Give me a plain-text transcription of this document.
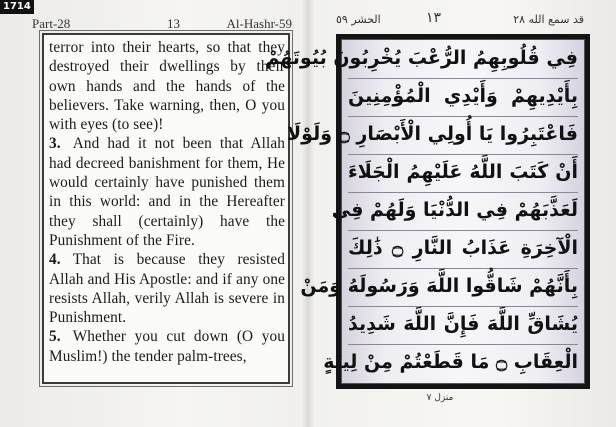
1714
Part-28	13	Al-Hashr-59

terror into their hearts, so that they destroyed their dwellings by their own hands and the hands of the believers. Take warning, then, O you with eyes (to see)!

3. And had it not been that Allah had decreed banishment for them, He would certainly have punished them in this world: and in the Hereafter they shall (certainly) have the Punishment of the Fire.

4. That is because they resisted Allah and His Apostle: and if any one resists Allah, verily Allah is severe in Punishment.

5. Whether you cut down (O you Muslim!) the tender palm-trees,

الحشر ٥٩	١٣	قد سمع الله ٢٨
فِي قُلُوبِهِمُ الرُّعْبَ يُخْرِبُونَ بُيُوتَهُمْ
بِأَيْدِيهِمْ وَأَيْدِي الْمُؤْمِنِينَ
فَاعْتَبِرُوا يَا أُولِي الْأَبْصَارِ ۝ وَلَوْلَا
أَنْ كَتَبَ اللَّهُ عَلَيْهِمُ الْجَلَاءَ
لَعَذَّبَهُمْ فِي الدُّنْيَا وَلَهُمْ فِي
الْآخِرَةِ عَذَابُ النَّارِ ۝ ذَٰلِكَ
بِأَنَّهُمْ شَاقُّوا اللَّهَ وَرَسُولَهُ وَمَنْ
يُشَاقِّ اللَّهَ فَإِنَّ اللَّهَ شَدِيدُ
الْعِقَابِ ۝ مَا قَطَعْتُمْ مِنْ لِينَةٍ
منزل ٧
